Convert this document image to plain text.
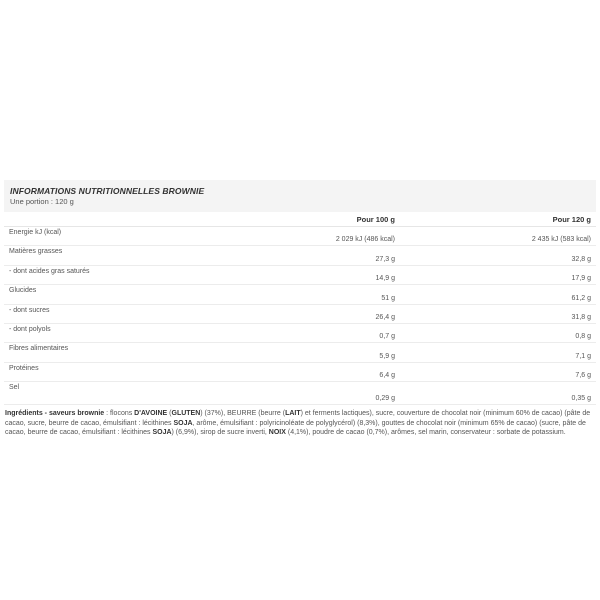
INFORMATIONS NUTRITIONNELLES BROWNIE
Une portion : 120 g
	Pour 100 g	Pour 120 g
Energie kJ (kcal)	2 029 kJ (486 kcal)	2 435 kJ (583 kcal)
Matières grasses	27,3 g	32,8 g
- dont acides gras saturés	14,9 g	17,9 g
Glucides	51 g	61,2 g
- dont sucres	26,4 g	31,8 g
- dont polyols	0,7 g	0,8 g
Fibres alimentaires	5,9 g	7,1 g
Protéines	6,4 g	7,6 g
Sel	0,29 g	0,35 g
Ingrédients - saveurs brownie : flocons D'AVOINE (GLUTEN) (37%), BEURRE (beurre (LAIT) et ferments lactiques), sucre, couverture de chocolat noir (minimum 60% de cacao) (pâte de cacao, sucre, beurre de cacao, émulsifiant : lécithines SOJA, arôme, émulsifiant : polyricinoléate de polyglycérol) (8,3%), gouttes de chocolat noir (minimum 65% de cacao) (sucre, pâte de cacao, beurre de cacao, émulsifiant : lécithines SOJA) (6,9%), sirop de sucre inverti, NOIX (4,1%), poudre de cacao (0,7%), arômes, sel marin, conservateur : sorbate de potassium.
